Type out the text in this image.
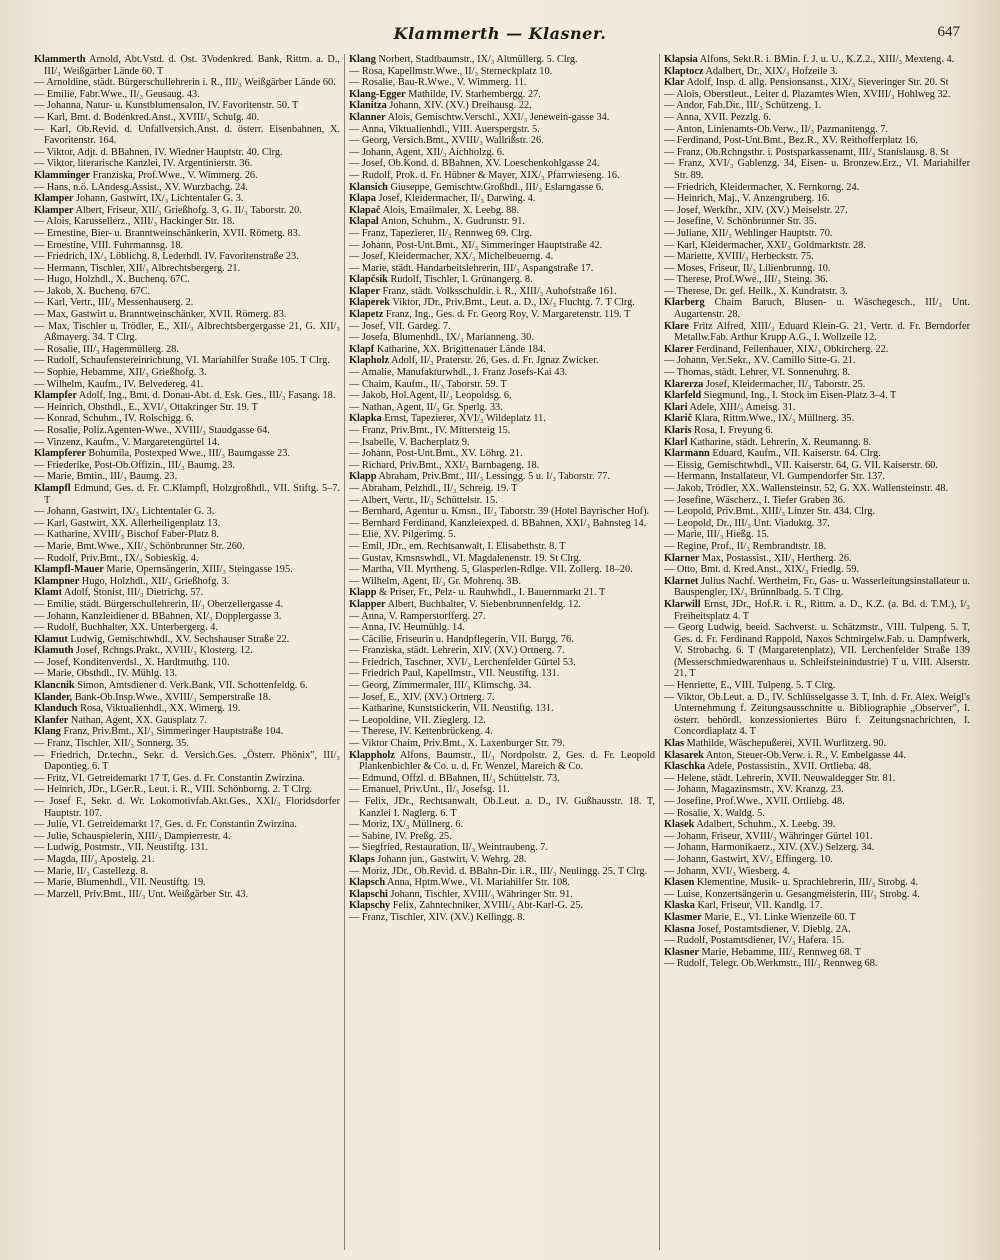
Klammerth — Klasner.	647

Klammerth Arnold, Abt.Vstd. d. Öst. 3Vodenkred. Bank, Rittm. a. D., III/₃ Weißgärber Lände 60. T

— Arnoldine, städt. Bürgerschullehrerin i. R., III/₃ Weißgärber Lände 60.

— Emilie, Fabr.Wwe., II/₃ Geusaug. 43.

— Johanna, Natur- u. Kunstblumensalon, IV. Favoritenstr. 50. T

— Karl, Bmt. d. Bodenkred.Anst., XVIII/₃ Schulg. 40.

— Karl, Ob.Revid. d. Unfallversich.Anst. d. österr. Eisenbahnen, X. Favoritenstr. 164.

— Viktor, Adjt. d. BBahnen, IV. Wiedner Hauptstr. 40. Clrg.

— Viktor, literarische Kanzlei, IV. Argentinierstr. 36.

Klamminger Franziska, Prof.Wwe., V. Wimmerg. 26.

— Hans, n.ö. LAndesg.Assist., XV. Wurzbachg. 24.

Klamper Johann, Gastwirt, IX/₃ Lichtentaler G. 3.

Klamper Albert, Friseur, XII/₃ Grießhofg. 3, G. II/₃ Taborstr. 20.

— Alois, Karussellerz., XIII/₃ Hackinger Str. 18.

— Ernestine, Bier- u. Branntweinschänkerin, XVII. Römerg. 83.

— Ernestine, VIII. Fuhrmannsg. 18.

— Friedrich, IX/₃ Löblichg. 8, Lederhdl. IV. Favoritenstraße 23.

— Hermann, Tischler, XII/₃ Albrechtsbergerg. 21.

— Hugo, Holzhdl., X. Buchenq. 67C.

— Jakob, X. Buchenq. 67C.

— Karl, Vertr., III/₃ Messenhauserg. 2.

— Max, Gastwirt u. Branntweinschänker, XVII. Römerg. 83.

— Max, Tischler u. Trödler, E., XII/₃ Albrechtsbergergasse 21, G. XII/₃ Aßmayerg. 34. T Clrg.

— Rosalie, III/₃ Hagenmüllerg. 28.

— Rudolf, Schaufenstereinrichtung, VI. Mariahilfer Straße 105. T Clrg.

— Sophie, Hebamme, XII/₃ Grießhofg. 3.

— Wilhelm, Kaufm., IV. Belvedereg. 41.

Klampfer Adolf, Ing., Bmt. d. Donau-Abt. d. Esk. Ges., III/₃ Fasang. 18.

— Heinrich, Obsthdl., E., XVI/₃ Ottakringer Str. 19. T

— Konrad, Schuhm., IV. Rolschigg. 6.

— Rosalie, Poliz.Agenten-Wwe., XVIII/₃ Staudgasse 64.

— Vinzenz, Kaufm., V. Margaretengürtel 14.

Klampferer Bohumila, Postexped Wwe., III/₃ Baumgasse 23.

— Friederike, Post-Ob.Offizin., III/₃ Baumg. 23.

— Marie, Bmtin., III/₃ Baumg. 23.

Klampfl Edmund, Ges. d. Fr. C.Klampfl, Holzgroßhdl., VII. Stiftg. 5–7. T

— Johann, Gastwirt, IX/₃ Lichtentaler G. 3.

— Karl, Gastwirt, XX. Allerheiligenplatz 13.

— Katharine, XVIII/₃ Bischof Faber-Platz 8.

— Marie, Bmt.Wwe., XII/₃ Schönbrunner Str. 260.

— Rudolf, Priv.Bmt., IX/₃ Sobieskig. 4.

Klampfl-Mauer Marie, Opernsängerin, XIII/₃ Steingasse 195.

Klampner Hugo, Holzhdl., XII/₃ Grießhofg. 3.

Klamt Adolf, Stonist, III/₃ Dietrichg. 57.

— Emilie, städt. Bürgerschullehrerin, II/₃ Oberzellergasse 4.

— Johann, Kanzleidiener d. BBahnen, XI/₃ Dopplergasse 3.

— Rudolf, Buchhalter, XX. Unterbergerg. 4.

Klamut Ludwig, Gemischtwhdl., XV. Sechshauser Straße 22.

Klamuth Josef, Rchngs.Prakt., XVIII/₃ Klosterg. 12.

— Josef, Konditenverdsl., X. Hardtmuthg. 110.

— Marie, Obsthdl., IV. Mühlg. 13.

Klancnik Simon, Amtsdiener d. Verk.Bank, VII. Schottenfeldg. 6.

Klander, Bank-Ob.Insp.Wwe., XVIII/₃ Semperstraße 18.

Klanduch Rosa, Viktualienhdl., XX. Wimerg. 19.

Klanfer Nathan, Agent, XX. Gausplatz 7.

Klang Franz, Priv.Bmt., XI/₃ Simmeringer Hauptstraße 104.

— Franz, Tischler, XII/₃ Sonnerg. 35.

— Friedrich, Dr.techn., Sekr. d. Versich.Ges. „Österr. Phönix", III/₃ Dapontieg. 6. T

— Fritz, VI. Getreidemarkt 17 T, Ges. d. Fr. Constantin Zwirzina.

— Heinrich, JDr., LGer.R., Leut. i. R., VIII. Schönborng. 2. T Clrg.

— Josef F., Sekr. d. Wr. Lokomotivfab.Akt.Ges., XXI/₃ Floridsdorfer Hauptstr. 107.

— Julie, VI. Getreidemarkt 17, Ges. d. Fr. Constantin Zwirzina.

— Julie, Schauspielerin, XIII/₃ Dampierrestr. 4.

— Ludwig, Postmstr., VII. Neustiftg. 131.

— Magda, III/₃ Apostelg. 21.

— Marie, II/₃ Castellezg. 8.

— Marie, Blumenhdl., VII. Neustiftg. 19.

— Marzell, Priv.Bmt., III/₃ Unt. Weißgärber Str. 43.

Klang Norbert, Stadtbaumstr., IX/₃ Altmüllerg. 5. Clrg.

— Rosa, Kapellmstr.Wwe., II/₃ Sterneckplatz 10.

— Rosalie, Bau-R.Wwe., V. Wimmerg. 11.

Klang-Egger Mathilde, IV. Starhembergg. 27.

Klanitza Johann, XIV. (XV.) Dreihausg. 22.

Klanner Alois, Gemischtw.Verschl., XXI/₃ Jenewein-gasse 34.

— Anna, Viktualienhdl., VIII. Auerspergstr. 5.

— Georg, Versich.Bmt., XVIII/₃ Wallrißstr. 26.

— Johann, Agent, XII/₃ Aichholzg. 6.

— Josef, Ob.Kond. d. BBahnen, XV. Loeschenkohlgasse 24.

— Rudolf, Prok. d. Fr. Hübner & Mayer, XIX/₃ Pfarrwieseng. 16.

Klansich Giuseppe, Gemischtw.Großhdl., III/₃ Eslarngasse 6.

Klapa Josef, Kleidermacher, II/₃ Darwing. 4.

Klapač Alois, Emailmaler, X. Leebg. 88.

Klapal Anton, Schuhm., X. Gudrunstr. 91.

— Franz, Tapezierer, II/₃ Rennweg 69. Clrg.

— Johann, Post-Unt.Bmt., XI/₃ Simmeringer Hauptstraße 42.

— Josef, Kleidermacher, XX/₃ Michelbeuerng. 4.

— Marie, städt. Handarbeitslehrerin, III/₃ Aspangstraße 17.

Klapčsik Rudolf, Tischler, I. Grünangerg. 8.

Klaper Franz, städt. Volksschuldir. i. R., XIII/₃ Auhofstraße 161.

Klaperek Viktor, JDr., Priv.Bmt., Leut. a. D., IX/₃ Fluchtg. 7. T Clrg.

Klapetz Franz, Ing., Ges. d. Fr. Georg Roy, V. Margaretenstr. 119. T

— Josef, VII. Gardeg. 7.

— Josefa, Blumenhdl., IX/₃ Marianneng. 30.

Klapf Katharine, XX. Brigittenauer Lände 184.

Klapholz Adolf, II/₃ Praterstr. 26, Ges. d. Fr. Jgnaz Zwicker.

— Amalie, Manufakturwhdl., I. Franz Josefs-Kai 43.

— Chaim, Kaufm., II/₃ Taborstr. 59. T

— Jakob, Hol.Agent, II/₃ Leopoldsg. 6.

— Nathan, Agent, II/₃ Gr. Sperlg. 33.

Klapka Ernst, Tapezierer, XVI/₃ Wildeplatz 11.

— Franz, Priv.Bmt., IV. Mittersteig 15.

— Isabelle, V. Bacherplatz 9.

— Johann, Post-Unt.Bmt., XV. Löhrg. 21.

— Richard, Priv.Bmt., XXI/₃ Barnbageng. 18.

Klapp Abraham, Priv.Bmt., III/₃ Lessingg. 5 u. I/₃ Taborstr. 77.

— Abraham, Pelzhdl., II/₃ Schreig. 19. T

— Albert, Vertr., II/₃ Schüttelstr. 15.

— Bernhard, Agentur u. Kmsn., II/₃ Taborstr. 39 (Hotel Bayrischer Hof).

— Bernhard Ferdinand, Kanzleiexped. d. BBahnen, XXI/₃ Bahnsteg 14.

— Elie, XV. Pilgerimg. 5.

— Emil, JDr., em. Rechtsanwalt, I. Elisabethstr. 8. T

— Gustav, Kmsnswhdl., VI. Magdalenenstr. 19. St Clrg.

— Martha, VII. Myrtheng. 5, Glasperlen-Rdlge. VII. Zollerg. 18–20.

— Wilhelm, Agent, II/₃ Gr. Mohrenq. 3B.

Klapp & Priser, Fr., Pelz- u. Rauhwhdl., I. Bauernmarkt 21. T

Klapper Albert, Buchhalter, V. Siebenbrunnenfeldg. 12.

— Anna, V. Ramperstorfferg. 27.

— Anna, IV. Heumühlg. 14.

— Cäcilie, Friseurin u. Handpflegerin, VII. Burgg. 76.

— Franziska, städt. Lehrerin, XIV. (XV.) Ortnerg. 7.

— Friedrich, Taschner, XVI/₃ Lerchenfelder Gürtel 53.

— Friedrich Paul, Kapellmstr., VII. Neustiftg. 131.

— Georg, Zimmermaler, III/₃ Klimschg. 34.

— Josef, E., XIV. (XV.) Ortnerg. 7.

— Katharine, Kunststickerin, VII. Neustiftg. 131.

— Leopoldine, VII. Zieglerg. 12.

— Therese, IV. Kettenbrückeng. 4.

— Viktor Chaim, Priv.Bmt., X. Laxenburger Str. 79.

Klappholz Alfons, Baumstr., II/₃ Nordpolstr. 2, Ges. d. Fr. Leopold Plankenbichler & Co. u. d. Fr. Wenzel, Mareich & Co.

— Edmund, Offzl. d. BBahnen, II/₃ Schüttelstr. 73.

— Emanuel, Priv.Unt., II/₃ Josefsg. 11.

— Felix, JDr., Rechtsanwalt, Ob.Leut. a. D., IV. Gußhausstr. 18. T, Kanzlei I. Naglerg. 6. T

— Moriz, IX/₃ Müllnerg. 6.

— Sabine, IV. Preßg. 25.

— Siegfried, Restauration, II/₃ Weintraubeng. 7.

Klaps Johann jun., Gastwirt, V. Wehrg. 28.

— Moriz, JDr., Ob.Revid. d. BBahn-Dir. i.R., III/₃ Neulingg. 25. T Clrg.

Klapsch Anna, Hptm.Wwe., VI. Mariahilfer Str. 108.

Klapschi Johann, Tischler, XVIII/₃ Währinger Str. 91.

Klapschy Felix, Zahntechniker, XVIII/₃ Abt-Karl-G. 25.

— Franz, Tischler, XIV. (XV.) Kellingg. 8.

Klapsia Alfons, Sekt.R. i. BMin. f. J. u. U., K.Z.2., XIII/₃ Mexteng. 4.

Klaptocz Adalbert, Dr., XIX/₃ Hofzeile 3.

Klar Adolf, Insp. d. allg. Pensionsanst., XIX/₃ Sieveringer Str. 20. St

— Alois, Oberstleut., Leiter d. Plazamtes Wien, XVIII/₃ Hohlweg 32.

— Andor, Fab.Dir., III/₃ Schützeng. 1.

— Anna, XVII. Pezzlg. 6.

— Anton, Linienamts-Ob.Verw., II/₃ Pazmanitengg. 7.

— Ferdinand, Post-Unt.Bmt., Bez.R., XV. Reithofferplatz 16.

— Franz, Ob.Rchngsthr. i. Postsparkassenamt, III/₃ Stanislausg. 8. St

— Franz, XVI/₃ Gablenzg. 34, Eisen- u. Bronzew.Erz., VI. Mariahilfer Str. 89.

— Friedrich, Kleidermacher, X. Fernkorng. 24.

— Heinrich, Maj., V. Anzengruberg. 16.

— Josef, Werkfhr., XIV. (XV.) Meiselstr. 27.

— Josefine, V. Schönbrunner Str. 35.

— Juliane, XII/₃ Wehlinger Hauptstr. 70.

— Karl, Kleidermacher, XXI/₃ Goldmarktstr. 28.

— Mariette, XVIII/₃ Herbeckstr. 75.

— Moses, Friseur, II/₃ Lilienbrunng. 10.

— Therese, Prof.Wwe., III/₃ Steing. 36.

— Therese, Dr. gef. Heilk., X. Kundratstr. 3.

Klarberg Chaim Baruch, Blusen- u. Wäschegesch., III/₃ Unt. Augartenstr. 28.

Klare Fritz Alfred, XIII/₃ Eduard Klein-G. 21, Vertr. d. Fr. Berndorfer Metallw.Fab. Arthur Krupp A.G., I. Wollzeile 12.

Klarer Ferdinand, Feilenhauer, XIX/₃ Obkircherg. 22.

— Johann, Ver.Sekr., XV. Camillo Sitte-G. 21.

— Thomas, städt. Lehrer, VI. Sonnenuhrg. 8.

Klarerza Josef, Kleidermacher, II/₃ Taborstr. 25.

Klarfeld Siegmund, Ing., I. Stock im Eisen-Platz 3–4. T

Klari Adele, XIII/₃ Ameisg. 31.

Klarič Klara, Rittm.Wwe., IX/₃ Müllnerg. 35.

Klaris Rosa, I. Freyung 6.

Klarl Katharine, städt. Lehrerin, X. Reumanng. 8.

Klarmann Eduard, Kaufm., VII. Kaiserstr. 64. Clrg.

— Eissig, Gemischtwhdl., VII. Kaiserstr. 64, G. VII. Kaiserstr. 60.

— Hermann, Installateur, VI. Gumpendorfer Str. 137.

— Jakob, Trödler, XX. Wallensteinstr. 52, G. XX. Wallensteinstr. 48.

— Josefine, Wäscherz., I. Tiefer Graben 36.

— Leopold, Priv.Bmt., XIII/₃ Linzer Str. 434. Clrg.

— Leopold, Dr., III/₃ Unt. Viaduktg. 37.

— Marie, III/₃ Hießg. 15.

— Regine, Prof., II/₃ Rembrandtstr. 18.

Klarner Max, Postassist., XII/₃ Hertherg. 26.

— Otto, Bmt. d. Kred.Anst., XIX/₃ Friedlg. 59.

Klarnet Julius Nachf. Wertheim, Fr., Gas- u. Wasserleitungsinstallateur u. Bauspengler, IX/₃ Brünnlbadg. 5. T Clrg.

Klarwill Ernst, JDr., Hof.R. i. R., Rittm. a. D., K.Z. (a. Bd. d. T.M.), I/₃ Freiheitsplatz 4. T

— Georg Ludwig, beeid. Sachverst. u. Schätzmstr., VIII. Tulpeng. 5. T, Ges. d. Fr. Ferdinand Rappold, Naxos Schmirgelw.Fab. u. Dampfwerk, V. Strobachg. 6. T (Margaretenplatz), VII. Lerchenfelder Straße 139 (Messerschmiedwarenhaus u. Schleifsteinindustrie) T u. VIII. Alserstr. 21. T

— Henriette, E., VIII. Tulpeng. 5. T Clrg.

— Viktor, Ob.Leut. a. D., IV. Schlüsselgasse 3. T, Inh. d. Fr. Alex. Weigl's Unternehmung f. Zeitungsausschnitte u. Bibliographie „Observer", I. österr. behördl. konzessioniertes Büro f. Zeitungsnachrichten, I. Concordiaplatz 4. T

Klas Mathilde, Wäschepußerei, XVII. Wurlitzerg. 90.

Klasarek Anton, Steuer-Ob.Verw. i. R., V. Embelgasse 44.

Klaschka Adele, Postassistin., XVII. Ortlieba. 48.

— Helene, städt. Lehrerin, XVII. Neuwaldegger Str. 81.

— Johann, Magazinsmstr., XV. Kranzg. 23.

— Josefine, Prof.Wwe., XVII. Ortliebg. 48.

— Rosalie, X. Waldg. 5.

Klasek Adalbert, Schuhm., X. Leebg. 39.

— Johann, Friseur, XVIII/₃ Währinger Gürtel 101.

— Johann, Harmonikaerz., XIV. (XV.) Selzerg. 34.

— Johann, Gastwirt, XV/₃ Effingerg. 10.

— Johann, XVI/₃ Wiesberg. 4.

Klasen Klementine, Musik- u. Sprachlehrerin, III/₃ Strobg. 4.

— Luise, Konzertsängerin u. Gesangmeisterin, III/₃ Strobg. 4.

Klaska Karl, Friseur, VII. Kandlg. 17.

Klasmer Marie, E., VI. Linke Wienzeile 60. T

Klasna Josef, Postamtsdiener, V. Dieblg. 2A.

— Rudolf, Postamtsdiener, IV/₃ Hafera. 15.

Klasner Marie, Hebamme, III/₃ Rennweg 68. T

— Rudolf, Telegr. Ob.Werkmstr., III/₃ Rennweg 68.
